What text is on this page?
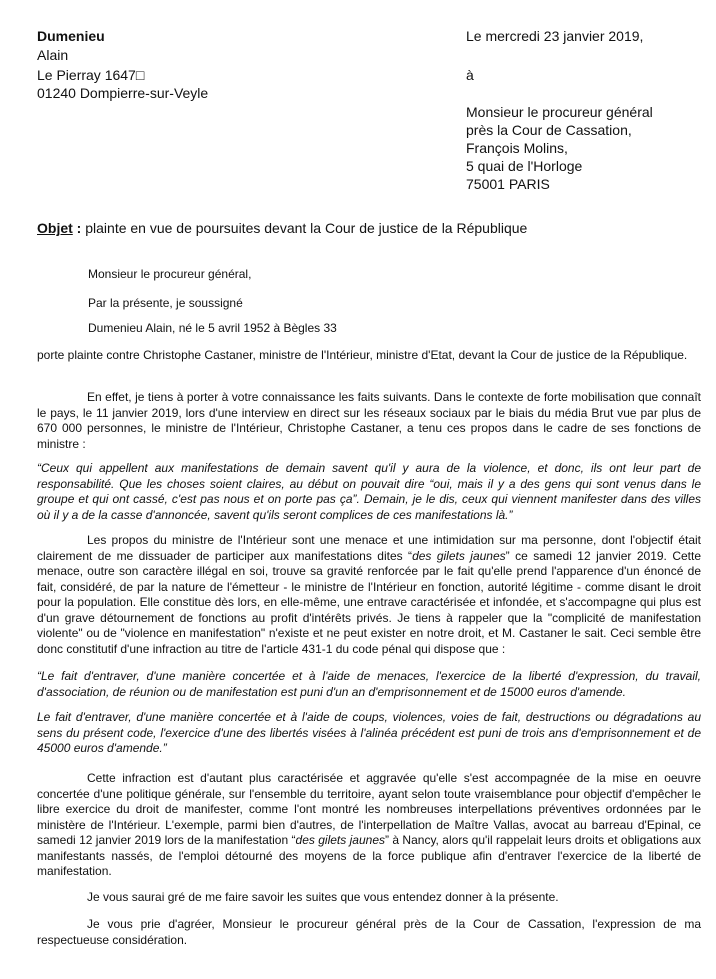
Dumenieu
Alain
Le Pierray 1647□
01240 Dompierre-sur-Veyle
Le mercredi 23 janvier 2019,
à
Monsieur le procureur général
près la Cour de Cassation,
François Molins,
5 quai de l'Horloge
75001 PARIS
Objet : plainte en vue de poursuites devant la Cour de justice de la République
Monsieur le procureur général,
Par la présente, je soussigné
Dumenieu Alain, né le 5 avril 1952 à Bègles 33
porte plainte contre Christophe Castaner, ministre de l'Intérieur, ministre d'Etat, devant la Cour de justice de la République.
En effet, je tiens à porter à votre connaissance les faits suivants. Dans le contexte de forte mobilisation que connaît le pays, le 11 janvier 2019, lors d'une interview en direct sur les réseaux sociaux par le biais du média Brut vue par plus de 670 000 personnes, le ministre de l'Intérieur, Christophe Castaner, a tenu ces propos dans le cadre de ses fonctions de ministre :
“Ceux qui appellent aux manifestations de demain savent qu'il y aura de la violence, et donc, ils ont leur part de responsabilité. Que les choses soient claires, au début on pouvait dire “oui, mais il y a des gens qui sont venus dans le groupe et qui ont cassé, c'est pas nous et on porte pas ça”. Demain, je le dis, ceux qui viennent manifester dans des villes où il y a de la casse d'annoncée, savent qu'ils seront complices de ces manifestations là.”
Les propos du ministre de l'Intérieur sont une menace et une intimidation sur ma personne, dont l'objectif était clairement de me dissuader de participer aux manifestations dites “des gilets jaunes” ce samedi 12 janvier 2019. Cette menace, outre son caractère illégal en soi, trouve sa gravité renforcée par le fait qu'elle prend l'apparence d'un énoncé de fait, considéré, de par la nature de l'émetteur - le ministre de l'Intérieur en fonction, autorité légitime - comme disant le droit pour la population. Elle constitue dès lors, en elle-même, une entrave caractérisée et infondée, et s'accompagne qui plus est d'un grave détournement de fonctions au profit d'intérêts privés. Je tiens à rappeler que la "complicité de manifestation violente" ou de "violence en manifestation" n'existe et ne peut exister en notre droit, et M. Castaner le sait. Ceci semble être donc constitutif d'une infraction au titre de l'article 431-1 du code pénal qui dispose que :
“Le fait d'entraver, d'une manière concertée et à l'aide de menaces, l'exercice de la liberté d'expression, du travail, d'association, de réunion ou de manifestation est puni d'un an d'emprisonnement et de 15000 euros d'amende.
Le fait d'entraver, d'une manière concertée et à l'aide de coups, violences, voies de fait, destructions ou dégradations au sens du présent code, l'exercice d'une des libertés visées à l'alinéa précédent est puni de trois ans d'emprisonnement et de 45000 euros d'amende.”
Cette infraction est d'autant plus caractérisée et aggravée qu'elle s'est accompagnée de la mise en oeuvre concertée d'une politique générale, sur l'ensemble du territoire, ayant selon toute vraisemblance pour objectif d'empêcher le libre exercice du droit de manifester, comme l'ont montré les nombreuses interpellations préventives ordonnées par le ministère de l'Intérieur. L'exemple, parmi bien d'autres, de l'interpellation de Maître Vallas, avocat au barreau d'Epinal, ce samedi 12 janvier 2019 lors de la manifestation “des gilets jaunes” à Nancy, alors qu'il rappelait leurs droits et obligations aux manifestants nassés, de l'emploi détourné des moyens de la force publique afin d'entraver l'exercice de la liberté de manifestation.
Je vous saurai gré de me faire savoir les suites que vous entendez donner à la présente.
Je vous prie d'agréer, Monsieur le procureur général près de la Cour de Cassation, l'expression de ma respectueuse considération.
